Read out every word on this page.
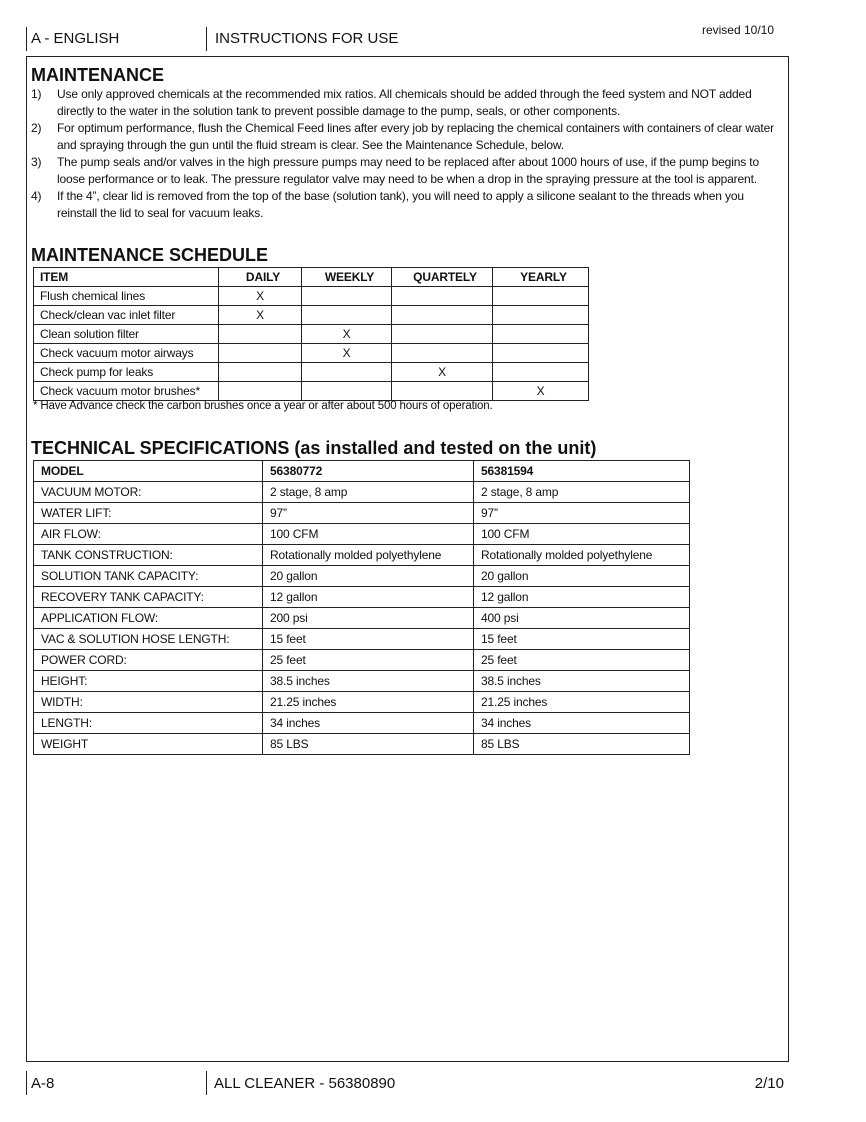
A - ENGLISH	INSTRUCTIONS FOR USE	revised 10/10
MAINTENANCE
1) Use only approved chemicals at the recommended mix ratios. All chemicals should be added through the feed system and NOT added directly to the water in the solution tank to prevent possible damage to the pump, seals, or other components.
2) For optimum performance, flush the Chemical Feed lines after every job by replacing the chemical containers with containers of clear water and spraying through the gun until the fluid stream is clear. See the Maintenance Schedule, below.
3) The pump seals and/or valves in the high pressure pumps may need to be replaced after about 1000 hours of use, if the pump begins to loose performance or to leak. The pressure regulator valve may need to be when a drop in the spraying pressure at the tool is apparent.
4) If the 4”, clear lid is removed from the top of the base (solution tank), you will need to apply a silicone sealant to the threads when you reinstall the lid to seal for vacuum leaks.
MAINTENANCE SCHEDULE
ITEM	DAILY	WEEKLY	QUARTELY	YEARLY
Flush chemical lines	X			
Check/clean vac inlet filter	X			
Clean solution filter		X		
Check vacuum motor airways		X		
Check pump for leaks			X	
Check vacuum motor brushes*				X
* Have Advance check the carbon brushes once a year or after about 500 hours of operation.
TECHNICAL SPECIFICATIONS (as installed and tested on the unit)
MODEL	56380772	56381594
VACUUM MOTOR:	2 stage, 8 amp	2 stage, 8 amp
WATER LIFT:	97”	97”
AIR FLOW:	100 CFM	100 CFM
TANK CONSTRUCTION:	Rotationally molded polyethylene	Rotationally molded polyethylene
SOLUTION TANK CAPACITY:	20 gallon	20 gallon
RECOVERY TANK CAPACITY:	12 gallon	12 gallon
APPLICATION FLOW:	200 psi	400 psi
VAC & SOLUTION HOSE LENGTH:	15 feet	15 feet
POWER CORD:	25 feet	25 feet
HEIGHT:	38.5 inches	38.5 inches
WIDTH:	21.25 inches	21.25 inches
LENGTH:	34 inches	34 inches
WEIGHT	85 LBS	85 LBS
A-8	ALL CLEANER - 56380890	2/10
